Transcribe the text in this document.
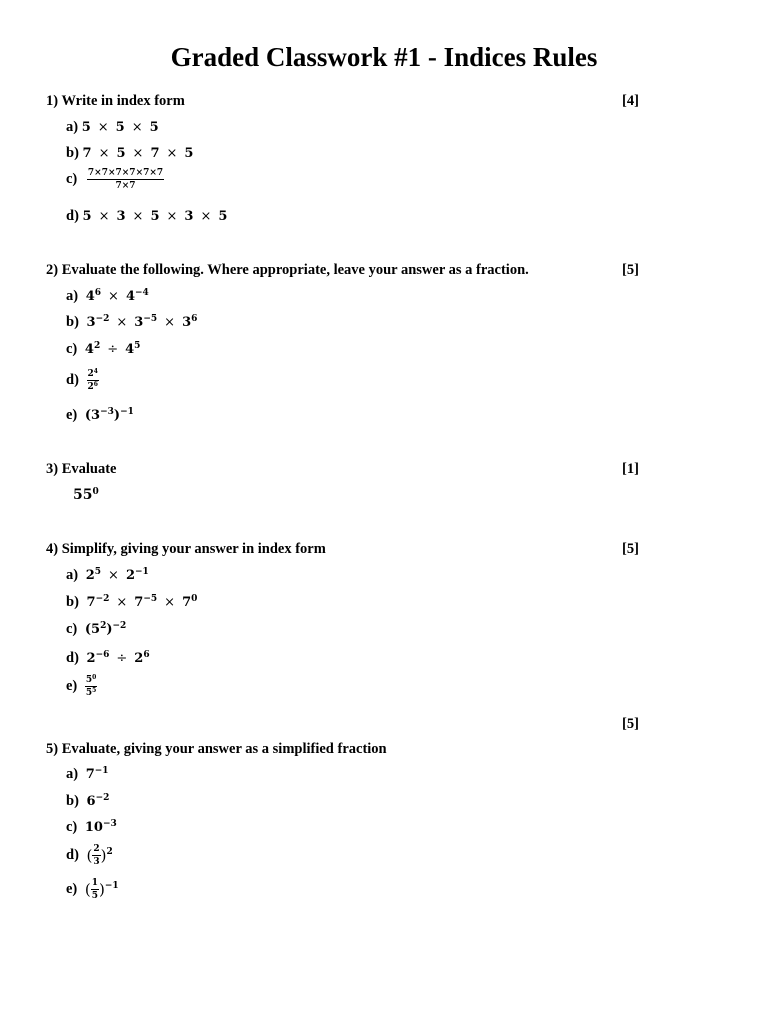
Graded Classwork #1 - Indices Rules
1) Write in index form	[4]
a) 5 × 5 × 5
b) 7 × 5 × 7 × 5
$c) \frac{7\times 7\times 7\times 7\times 7\times 7}{7\times 7}$
d) 5 × 3 × 5 × 3 × 5
2) Evaluate the following. Where appropriate, leave your answer as a fraction.	[5]
a) $4^6 \times 4^{-4}$
b) $3^{-2} \times 3^{-5} \times 3^6$
c) $4^2 \div 4^5$
$d) \frac{2^4}{2^6}$
e) $(3^{-3})^{-1}$
3) Evaluate	[1]
$55^0$
4) Simplify, giving your answer in index form	[5]
a) $2^5 \times 2^{-1}$
b) $7^{-2} \times 7^{-5} \times 7^0$
c) $(5^2)^{-2}$
d) $2^{-6} \div 2^6$
$e) \frac{5^0}{5^5}$
[5]
5) Evaluate, giving your answer as a simplified fraction
a) $7^{-1}$
b) $6^{-2}$
c) $10^{-3}$
d) ( $\frac{2}{3} )^2$
e) ( $\frac{1}{5} )^{-1}$
